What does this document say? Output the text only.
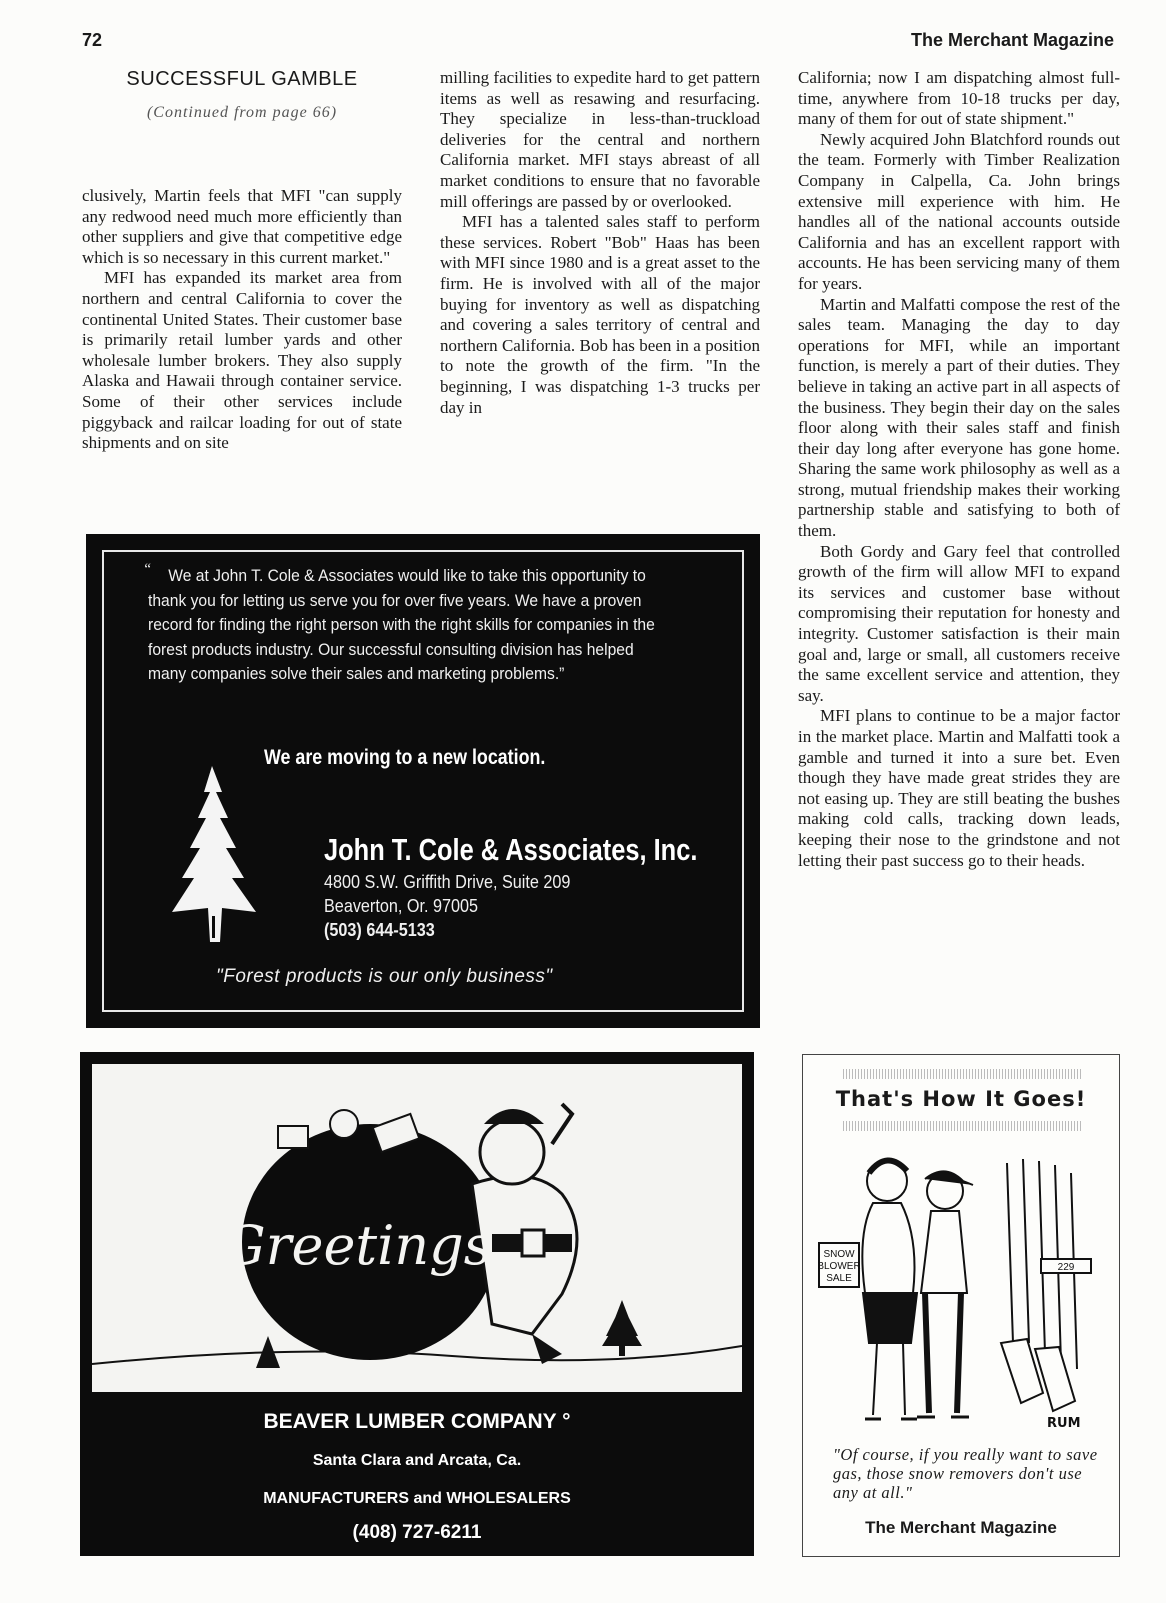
72	The Merchant Magazine
SUCCESSFUL GAMBLE
(Continued from page 66)

clusively, Martin feels that MFI "can supply any redwood need much more efficiently than other suppliers and give that competitive edge which is so necessary in this current market."

MFI has expanded its market area from northern and central California to cover the continental United States. Their customer base is primarily retail lumber yards and other wholesale lumber brokers. They also supply Alaska and Hawaii through container service. Some of their other services include piggyback and railcar loading for out of state shipments and on site

milling facilities to expedite hard to get pattern items as well as resawing and resurfacing. They specialize in less-than-truckload deliveries for the central and northern California market. MFI stays abreast of all market conditions to ensure that no favorable mill offerings are passed by or overlooked.

MFI has a talented sales staff to perform these services. Robert "Bob" Haas has been with MFI since 1980 and is a great asset to the firm. He is involved with all of the major buying for inventory as well as dispatching and covering a sales territory of central and northern California. Bob has been in a position to note the growth of the firm. "In the beginning, I was dispatching 1-3 trucks per day in

California; now I am dispatching almost full-time, anywhere from 10-18 trucks per day, many of them for out of state shipment."

Newly acquired John Blatchford rounds out the team. Formerly with Timber Realization Company in Calpella, Ca. John brings extensive mill experience with him. He handles all of the national accounts outside California and has an excellent rapport with accounts. He has been servicing many of them for years.

Martin and Malfatti compose the rest of the sales team. Managing the day to day operations for MFI, while an important function, is merely a part of their duties. They believe in taking an active part in all aspects of the business. They begin their day on the sales floor along with their sales staff and finish their day long after everyone has gone home. Sharing the same work philosophy as well as a strong, mutual friendship makes their working partnership stable and satisfying to both of them.

Both Gordy and Gary feel that controlled growth of the firm will allow MFI to expand its services and customer base without compromising their reputation for honesty and integrity. Customer satisfaction is their main goal and, large or small, all customers receive the same excellent service and attention, they say.

MFI plans to continue to be a major factor in the market place. Martin and Malfatti took a gamble and turned it into a sure bet. Even though they have made great strides they are not easing up. They are still beating the bushes making cold calls, tracking down leads, keeping their nose to the grindstone and not letting their past success go to their heads.

“ We at John T. Cole & Associates would like to take this opportunity to thank you for letting us serve you for over five years. We have a proven record for finding the right person with the right skills for companies in the forest products industry. Our successful consulting division has helped many companies solve their sales and marketing problems.”
We are moving to a new location.
John T. Cole & Associates, Inc.
4800 S.W. Griffith Drive, Suite 209
Beaverton, Or. 97005
(503) 644-5133
"Forest products is our only business"
Greetings
BEAVER LUMBER COMPANY °
Santa Clara and Arcata, Ca.
MANUFACTURERS and WHOLESALERS
(408) 727-6211
That's How It Goes!
SNOW
BLOWER
SALE
229
RUM
"Of course, if you really want to save gas, those snow removers don't use any at all."
The Merchant Magazine
